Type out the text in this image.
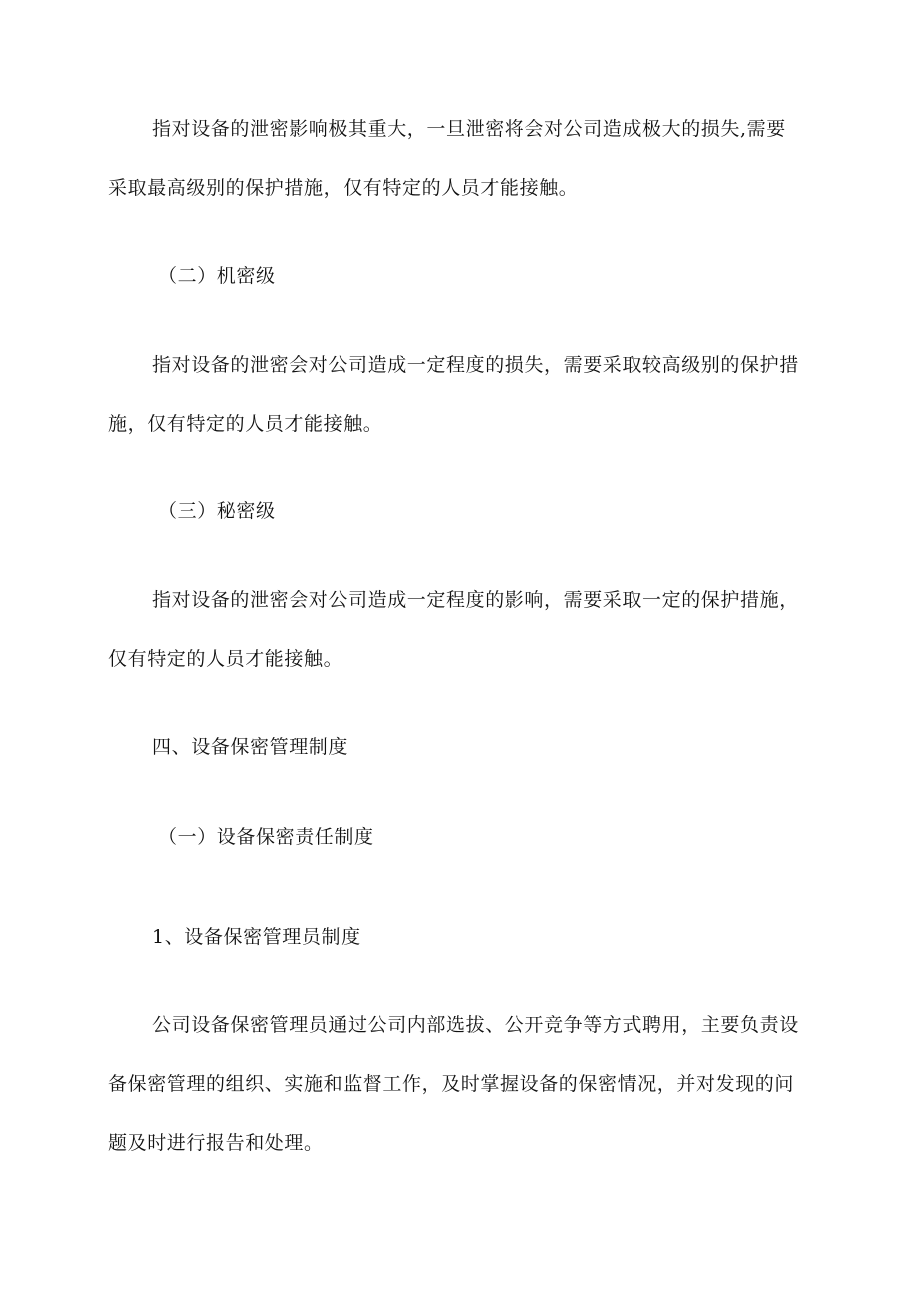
指对设备的泄密影响极其重大，一旦泄密将会对公司造成极大的损失,需要
采取最高级别的保护措施，仅有特定的人员才能接触。
（二）机密级
指对设备的泄密会对公司造成一定程度的损失，需要采取较高级别的保护措
施，仅有特定的人员才能接触。
（三）秘密级
指对设备的泄密会对公司造成一定程度的影响，需要采取一定的保护措施，
仅有特定的人员才能接触。
四、设备保密管理制度
（一）设备保密责任制度
1、设备保密管理员制度
公司设备保密管理员通过公司内部选拔、公开竞争等方式聘用，主要负责设
备保密管理的组织、实施和监督工作，及时掌握设备的保密情况，并对发现的问
题及时进行报告和处理。
